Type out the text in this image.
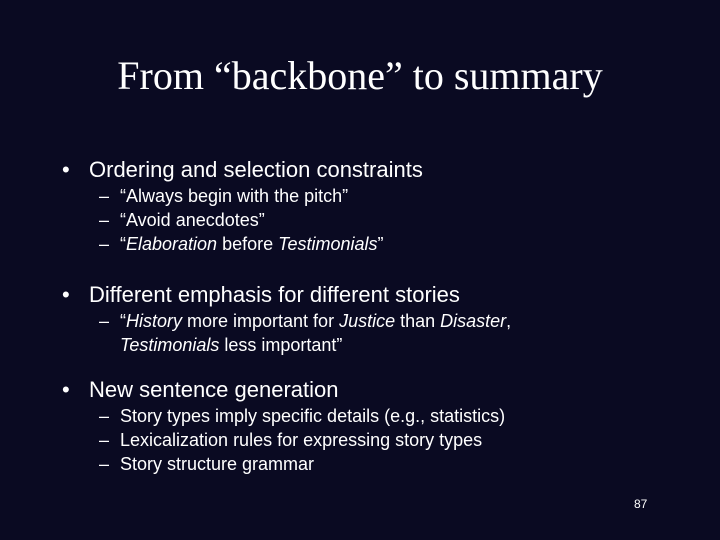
From “backbone” to summary
• Ordering and selection constraints
– “Always begin with the pitch”
– “Avoid anecdotes”
– “Elaboration before Testimonials”
• Different emphasis for different stories
– “History more important for Justice than Disaster, Testimonials less important”
• New sentence generation
– Story types imply specific details (e.g., statistics)
– Lexicalization rules for expressing story types
– Story structure grammar
87
